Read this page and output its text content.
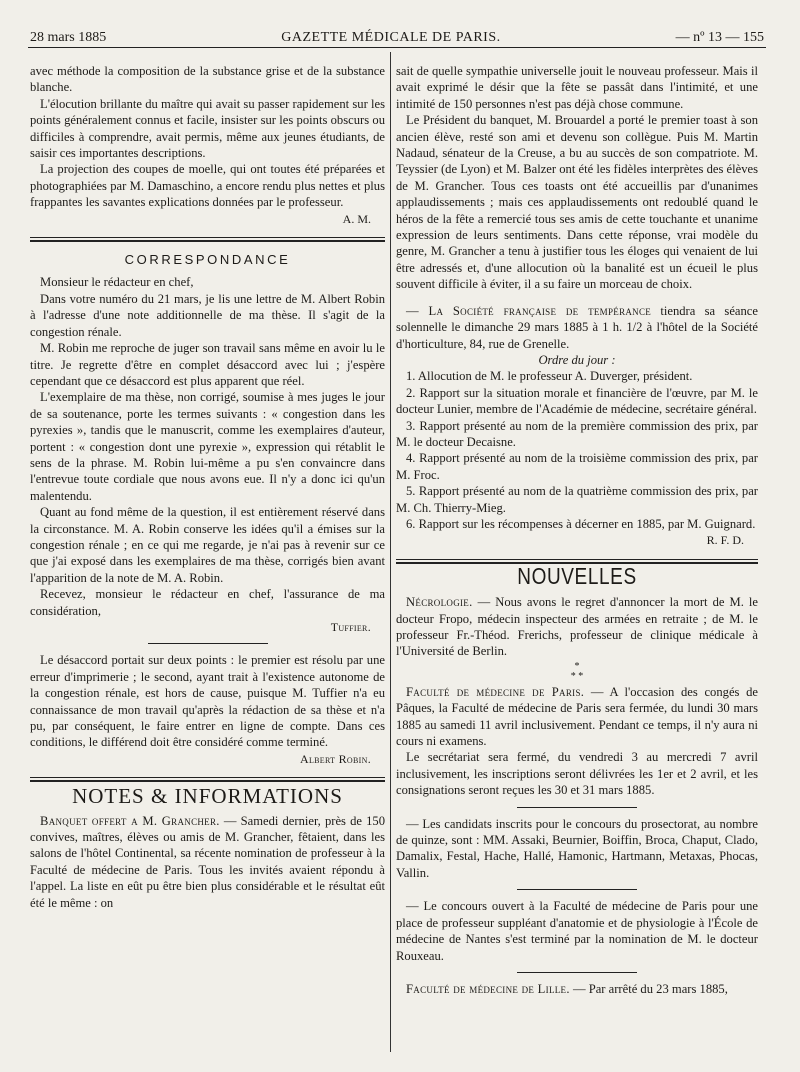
28 mars 1885	GAZETTE MÉDICALE DE PARIS.	— nº 13 — 155

avec méthode la composition de la substance grise et de la substance blanche.

L'élocution brillante du maître qui avait su passer rapidement sur les points généralement connus et facile, insister sur les points obscurs ou difficiles à comprendre, avait permis, même aux jeunes étudiants, de saisir ces importantes descriptions.

La projection des coupes de moelle, qui ont toutes été préparées et photographiées par M. Damaschino, a encore rendu plus nettes et plus frappantes les savantes explications données par le professeur.

A. M.

CORRESPONDANCE

Monsieur le rédacteur en chef,

Dans votre numéro du 21 mars, je lis une lettre de M. Albert Robin à l'adresse d'une note additionnelle de ma thèse. Il s'agit de la congestion rénale.

M. Robin me reproche de juger son travail sans même en avoir lu le titre. Je regrette d'être en complet désaccord avec lui ; j'espère cependant que ce désaccord est plus apparent que réel.

L'exemplaire de ma thèse, non corrigé, soumise à mes juges le jour de sa soutenance, porte les termes suivants : « congestion dans les pyrexies », tandis que le manuscrit, comme les exemplaires d'auteur, portent : « congestion dont une pyrexie », expression qui rétablit le sens de la phrase. M. Robin lui-même a pu s'en convaincre dans l'entrevue toute cordiale que nous avons eue. Il n'y a donc ici qu'un malentendu.

Quant au fond même de la question, il est entièrement réservé dans la circonstance. M. A. Robin conserve les idées qu'il a émises sur la congestion rénale ; en ce qui me regarde, je n'ai pas à revenir sur ce que j'ai exposé dans les exemplaires de ma thèse, corrigés bien avant l'apparition de la note de M. A. Robin.

Recevez, monsieur le rédacteur en chef, l'assurance de ma considération,

Tuffier.

Le désaccord portait sur deux points : le premier est résolu par une erreur d'imprimerie ; le second, ayant trait à l'existence autonome de la congestion rénale, est hors de cause, puisque M. Tuffier n'a eu connaissance de mon travail qu'après la rédaction de sa thèse et n'a pu, par conséquent, le faire entrer en ligne de compte. Dans ces conditions, le différend doit être considéré comme terminé.

Albert Robin.

NOTES & INFORMATIONS

Banquet offert a M. Grancher. — Samedi dernier, près de 150 convives, maîtres, élèves ou amis de M. Grancher, fêtaient, dans les salons de l'hôtel Continental, sa récente nomination de professeur à la Faculté de médecine de Paris. Tous les invités avaient répondu à l'appel. La liste en eût pu être bien plus considérable et le résultat eût été le même : on

sait de quelle sympathie universelle jouit le nouveau professeur. Mais il avait exprimé le désir que la fête se passât dans l'intimité, et une intimité de 150 personnes n'est pas déjà chose commune.

Le Président du banquet, M. Brouardel a porté le premier toast à son ancien élève, resté son ami et devenu son collègue. Puis M. Martin Nadaud, sénateur de la Creuse, a bu au succès de son compatriote. M. Teyssier (de Lyon) et M. Balzer ont été les fidèles interprètes des élèves de M. Grancher. Tous ces toasts ont été accueillis par d'unanimes applaudissements ; mais ces applaudissements ont redoublé quand le héros de la fête a remercié tous ses amis de cette touchante et unanime expression de leurs sentiments. Dans cette réponse, vrai modèle du genre, M. Grancher a tenu à justifier tous les éloges qui venaient de lui être adressés et, d'une allocution où la banalité est un écueil le plus souvent difficile à éviter, il a su faire un morceau de choix.

— La Société française de tempérance tiendra sa séance solennelle le dimanche 29 mars 1885 à 1 h. 1/2 à l'hôtel de la Société d'horticulture, 84, rue de Grenelle.

Ordre du jour :

1. Allocution de M. le professeur A. Duverger, président.

2. Rapport sur la situation morale et financière de l'œuvre, par M. le docteur Lunier, membre de l'Académie de médecine, secrétaire général.

3. Rapport présenté au nom de la première commission des prix, par M. le docteur Decaisne.

4. Rapport présenté au nom de la troisième commission des prix, par M. Froc.

5. Rapport présenté au nom de la quatrième commission des prix, par M. Ch. Thierry-Mieg.

6. Rapport sur les récompenses à décerner en 1885, par M. Guignard.

R. F. D.

NOUVELLES

Nécrologie. — Nous avons le regret d'annoncer la mort de M. le docteur Fropo, médecin inspecteur des armées en retraite ; de M. le professeur Fr.-Théod. Frerichs, professeur de clinique médicale à l'Université de Berlin.

*
* *

Faculté de médecine de Paris. — A l'occasion des congés de Pâques, la Faculté de médecine de Paris sera fermée, du lundi 30 mars 1885 au samedi 11 avril inclusivement. Pendant ce temps, il n'y aura ni cours ni examens.

Le secrétariat sera fermé, du vendredi 3 au mercredi 7 avril inclusivement, les inscriptions seront délivrées les 1er et 2 avril, et les consignations seront reçues les 30 et 31 mars 1885.

— Les candidats inscrits pour le concours du prosectorat, au nombre de quinze, sont : MM. Assaki, Beurnier, Boiffin, Broca, Chaput, Clado, Damalix, Festal, Hache, Hallé, Hamonic, Hartmann, Metaxas, Phocas, Vallin.

— Le concours ouvert à la Faculté de médecine de Paris pour une place de professeur suppléant d'anatomie et de physiologie à l'École de médecine de Nantes s'est terminé par la nomination de M. le docteur Rouxeau.

Faculté de médecine de Lille. — Par arrêté du 23 mars 1885,
